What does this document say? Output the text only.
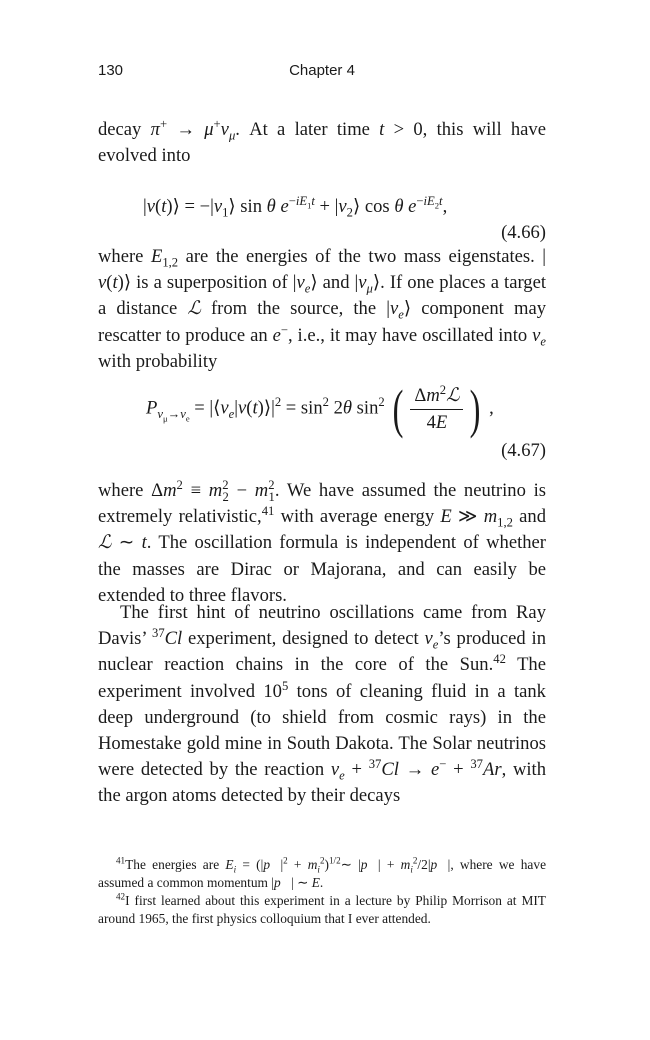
130	Chapter 4

decay $\pi^+ \to \mu^+\nu_\mu$. At a later time t > 0, this will have evolved into

|ν(t)⟩ = $-|\nu_1⟩$ sin θ $e^{-iE_1t}$ + $|\nu_2⟩$ cos θ $e^{-iE_2t}$,
(4.66)

where $E_{1,2}$ are the energies of the two mass eigenstates. |ν(t)⟩ is a superposition of $|\nu_e⟩$ and $|\nu_\mu⟩$. If one places a target a distance ℒ from the source, the $|\nu_e⟩$ component may rescatter to produce an e−, i.e., it may have oscillated into $\nu_e$ with probability

$P_{\nu_\mu\to\nu_e}$ = $|⟨\nu_e|\nu(t)⟩|^2 = \sin^2 2\theta$ $\sin^2$ ( $\frac{\Delta m^2ℒ}{4E}$ ) ,
(4.67)

where $\Delta m^2 \equiv m^2_2 - m^2_1$. We have assumed the neutrino is extremely relativistic,$^{41}$ with average energy E ≫ $m_{1,2}$ and ℒ ∼ t. The oscillation formula is independent of whether the masses are Dirac or Majorana, and can easily be extended to three flavors.

The first hint of neutrino oscillations came from Ray Davis’ $^{37}$Cl experiment, designed to detect $\nu_e’s$ produced in nuclear reaction chains in the core of the Sun.$^{42}$ The experiment involved $10^5$ tons of cleaning fluid in a tank deep underground (to shield from cosmic rays) in the Homestake gold mine in South Dakota. The Solar neutrinos were detected by the reaction $\nu_e + ^{37}Cl \to e^- + ^{37}Ar$, with the argon atoms detected by their decays

$^{41}$The energies are $E_i$ = ($|p⃗|^2$ + $m_i^2)^{1/2}\sim$ |p⃗| + $m_i^2/2|p⃗|$, where we have assumed a common momentum |p⃗| ∼ E.

$^{42}$I first learned about this experiment in a lecture by Philip Morrison at MIT around 1965, the first physics colloquium that I ever attended.
